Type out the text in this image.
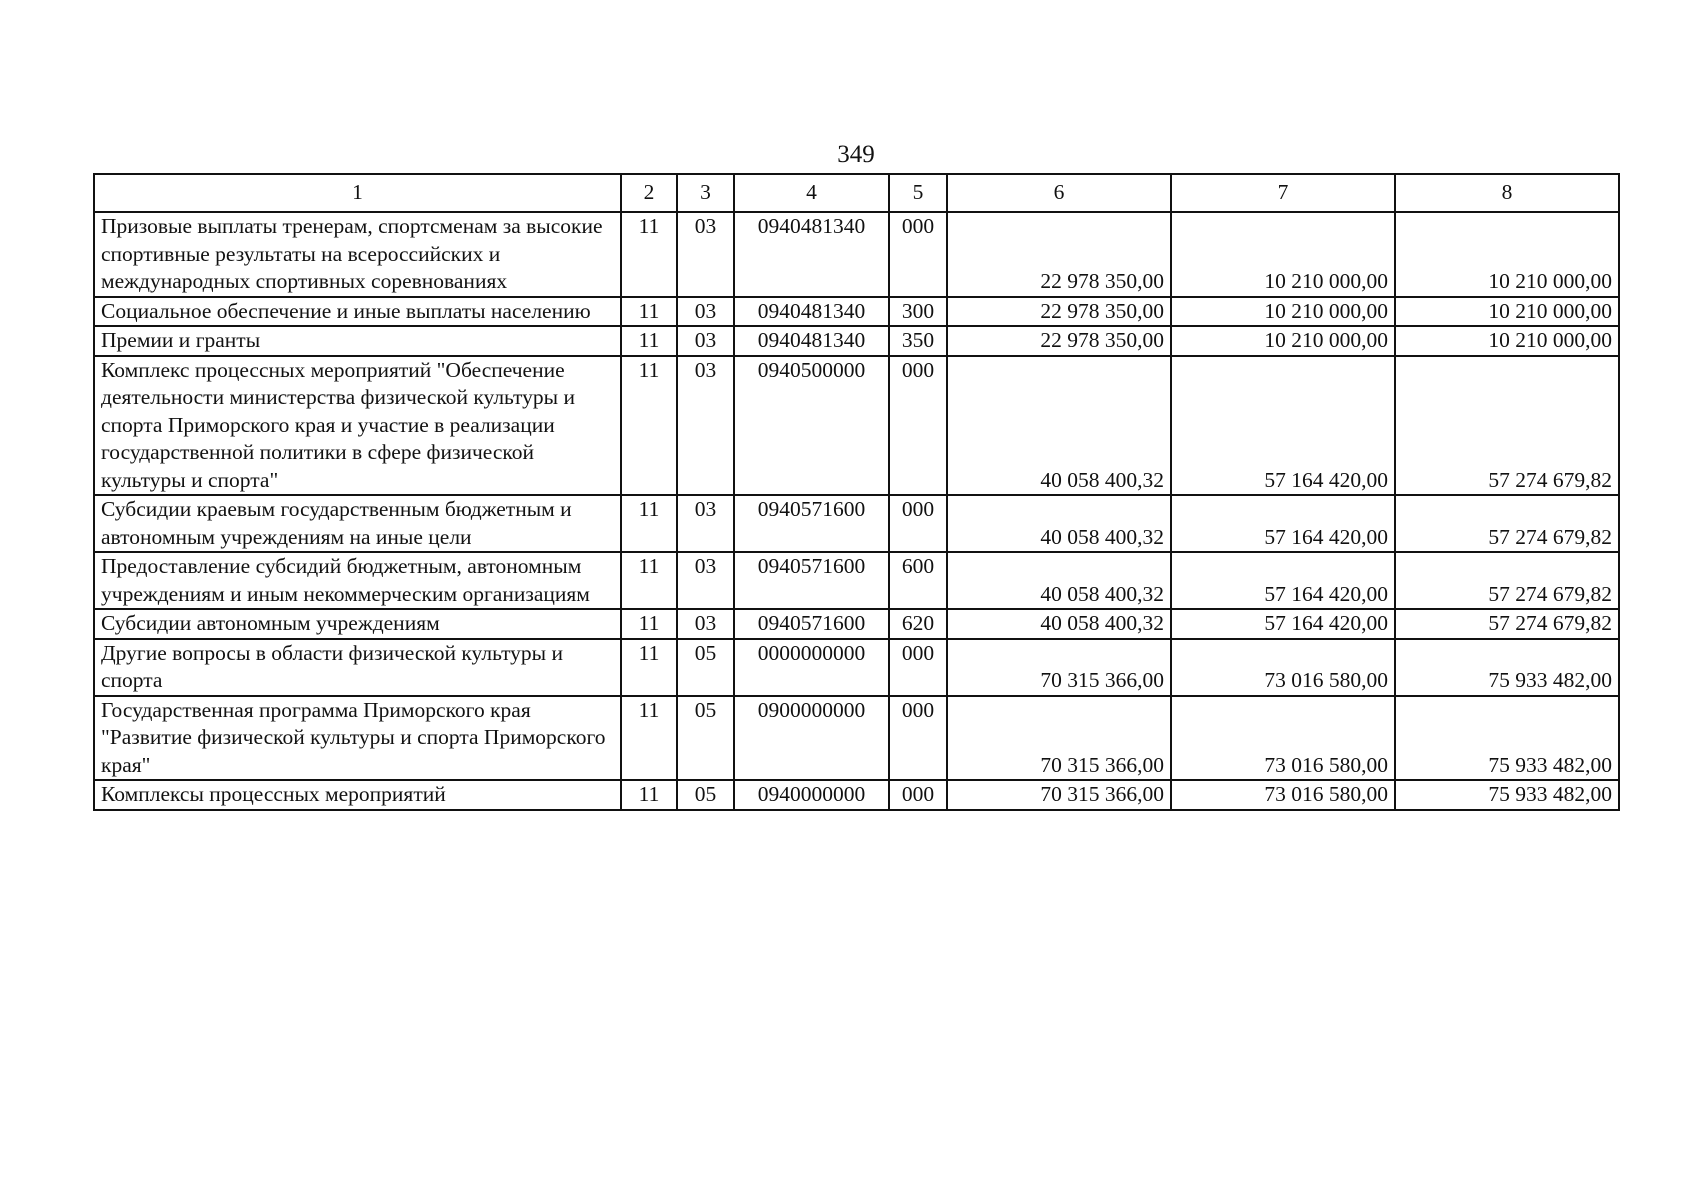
349
1	2	3	4	5	6	7	8
Призовые выплаты тренерам, спортсменам за высокие спортивные результаты на всероссийских и международных спортивных соревнованиях	11	03	0940481340	000	22 978 350,00	10 210 000,00	10 210 000,00
Социальное обеспечение и иные выплаты населению	11	03	0940481340	300	22 978 350,00	10 210 000,00	10 210 000,00
Премии и гранты	11	03	0940481340	350	22 978 350,00	10 210 000,00	10 210 000,00
Комплекс процессных мероприятий "Обеспечение деятельности министерства физической культуры и спорта Приморского края и участие в реализации государственной политики в сфере физической культуры и спорта"	11	03	0940500000	000	40 058 400,32	57 164 420,00	57 274 679,82
Субсидии краевым государственным бюджетным и автономным учреждениям на иные цели	11	03	0940571600	000	40 058 400,32	57 164 420,00	57 274 679,82
Предоставление субсидий бюджетным, автономным учреждениям и иным некоммерческим организациям	11	03	0940571600	600	40 058 400,32	57 164 420,00	57 274 679,82
Субсидии автономным учреждениям	11	03	0940571600	620	40 058 400,32	57 164 420,00	57 274 679,82
Другие вопросы в области физической культуры и спорта	11	05	0000000000	000	70 315 366,00	73 016 580,00	75 933 482,00
Государственная программа Приморского края "Развитие физической культуры и спорта Приморского края"	11	05	0900000000	000	70 315 366,00	73 016 580,00	75 933 482,00
Комплексы процессных мероприятий	11	05	0940000000	000	70 315 366,00	73 016 580,00	75 933 482,00
